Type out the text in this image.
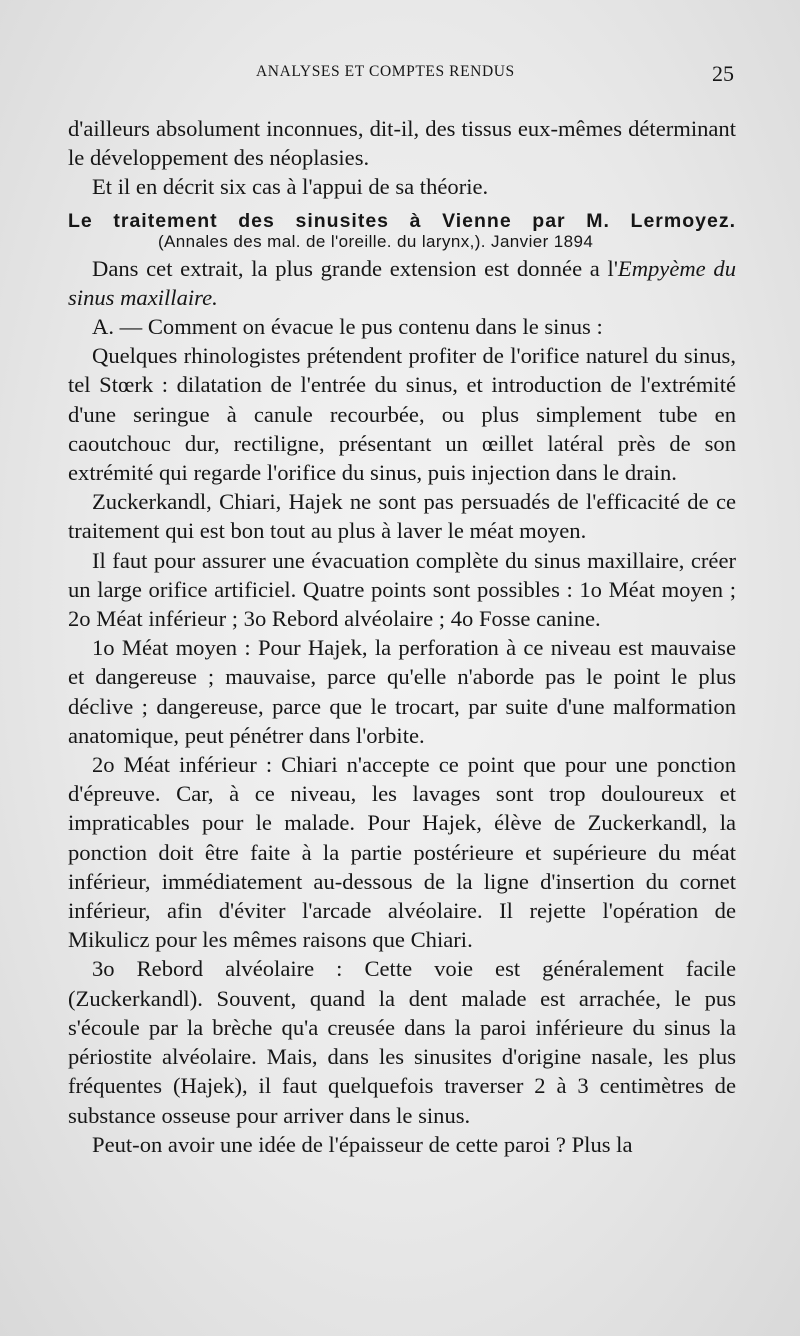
ANALYSES ET COMPTES RENDUS	25

d'ailleurs absolument inconnues, dit-il, des tissus eux-mêmes déterminant le développement des néoplasies.

Et il en décrit six cas à l'appui de sa théorie.

Le traitement des sinusites à Vienne par M. Lermoyez.
(Annales des mal. de l'oreille. du larynx,). Janvier 1894

Dans cet extrait, la plus grande extension est donnée a l'Empyème du sinus maxillaire.

A. — Comment on évacue le pus contenu dans le sinus :

Quelques rhinologistes prétendent profiter de l'orifice naturel du sinus, tel Stœrk : dilatation de l'entrée du sinus, et introduction de l'extrémité d'une seringue à canule recourbée, ou plus simplement tube en caoutchouc dur, rectiligne, présentant un œillet latéral près de son extrémité qui regarde l'orifice du sinus, puis injection dans le drain.

Zuckerkandl, Chiari, Hajek ne sont pas persuadés de l'efficacité de ce traitement qui est bon tout au plus à laver le méat moyen.

Il faut pour assurer une évacuation complète du sinus maxillaire, créer un large orifice artificiel. Quatre points sont possibles : 1o Méat moyen ; 2o Méat inférieur ; 3o Rebord alvéolaire ; 4o Fosse canine.

1o Méat moyen : Pour Hajek, la perforation à ce niveau est mauvaise et dangereuse ; mauvaise, parce qu'elle n'aborde pas le point le plus déclive ; dangereuse, parce que le trocart, par suite d'une malformation anatomique, peut pénétrer dans l'orbite.

2o Méat inférieur : Chiari n'accepte ce point que pour une ponction d'épreuve. Car, à ce niveau, les lavages sont trop douloureux et impraticables pour le malade. Pour Hajek, élève de Zuckerkandl, la ponction doit être faite à la partie postérieure et supérieure du méat inférieur, immédiatement au-dessous de la ligne d'insertion du cornet inférieur, afin d'éviter l'arcade alvéolaire. Il rejette l'opération de Mikulicz pour les mêmes raisons que Chiari.

3o Rebord alvéolaire : Cette voie est généralement facile (Zuckerkandl). Souvent, quand la dent malade est arrachée, le pus s'écoule par la brèche qu'a creusée dans la paroi inférieure du sinus la périostite alvéolaire. Mais, dans les sinusites d'origine nasale, les plus fréquentes (Hajek), il faut quelquefois traverser 2 à 3 centimètres de substance osseuse pour arriver dans le sinus.

Peut-on avoir une idée de l'épaisseur de cette paroi ? Plus la
